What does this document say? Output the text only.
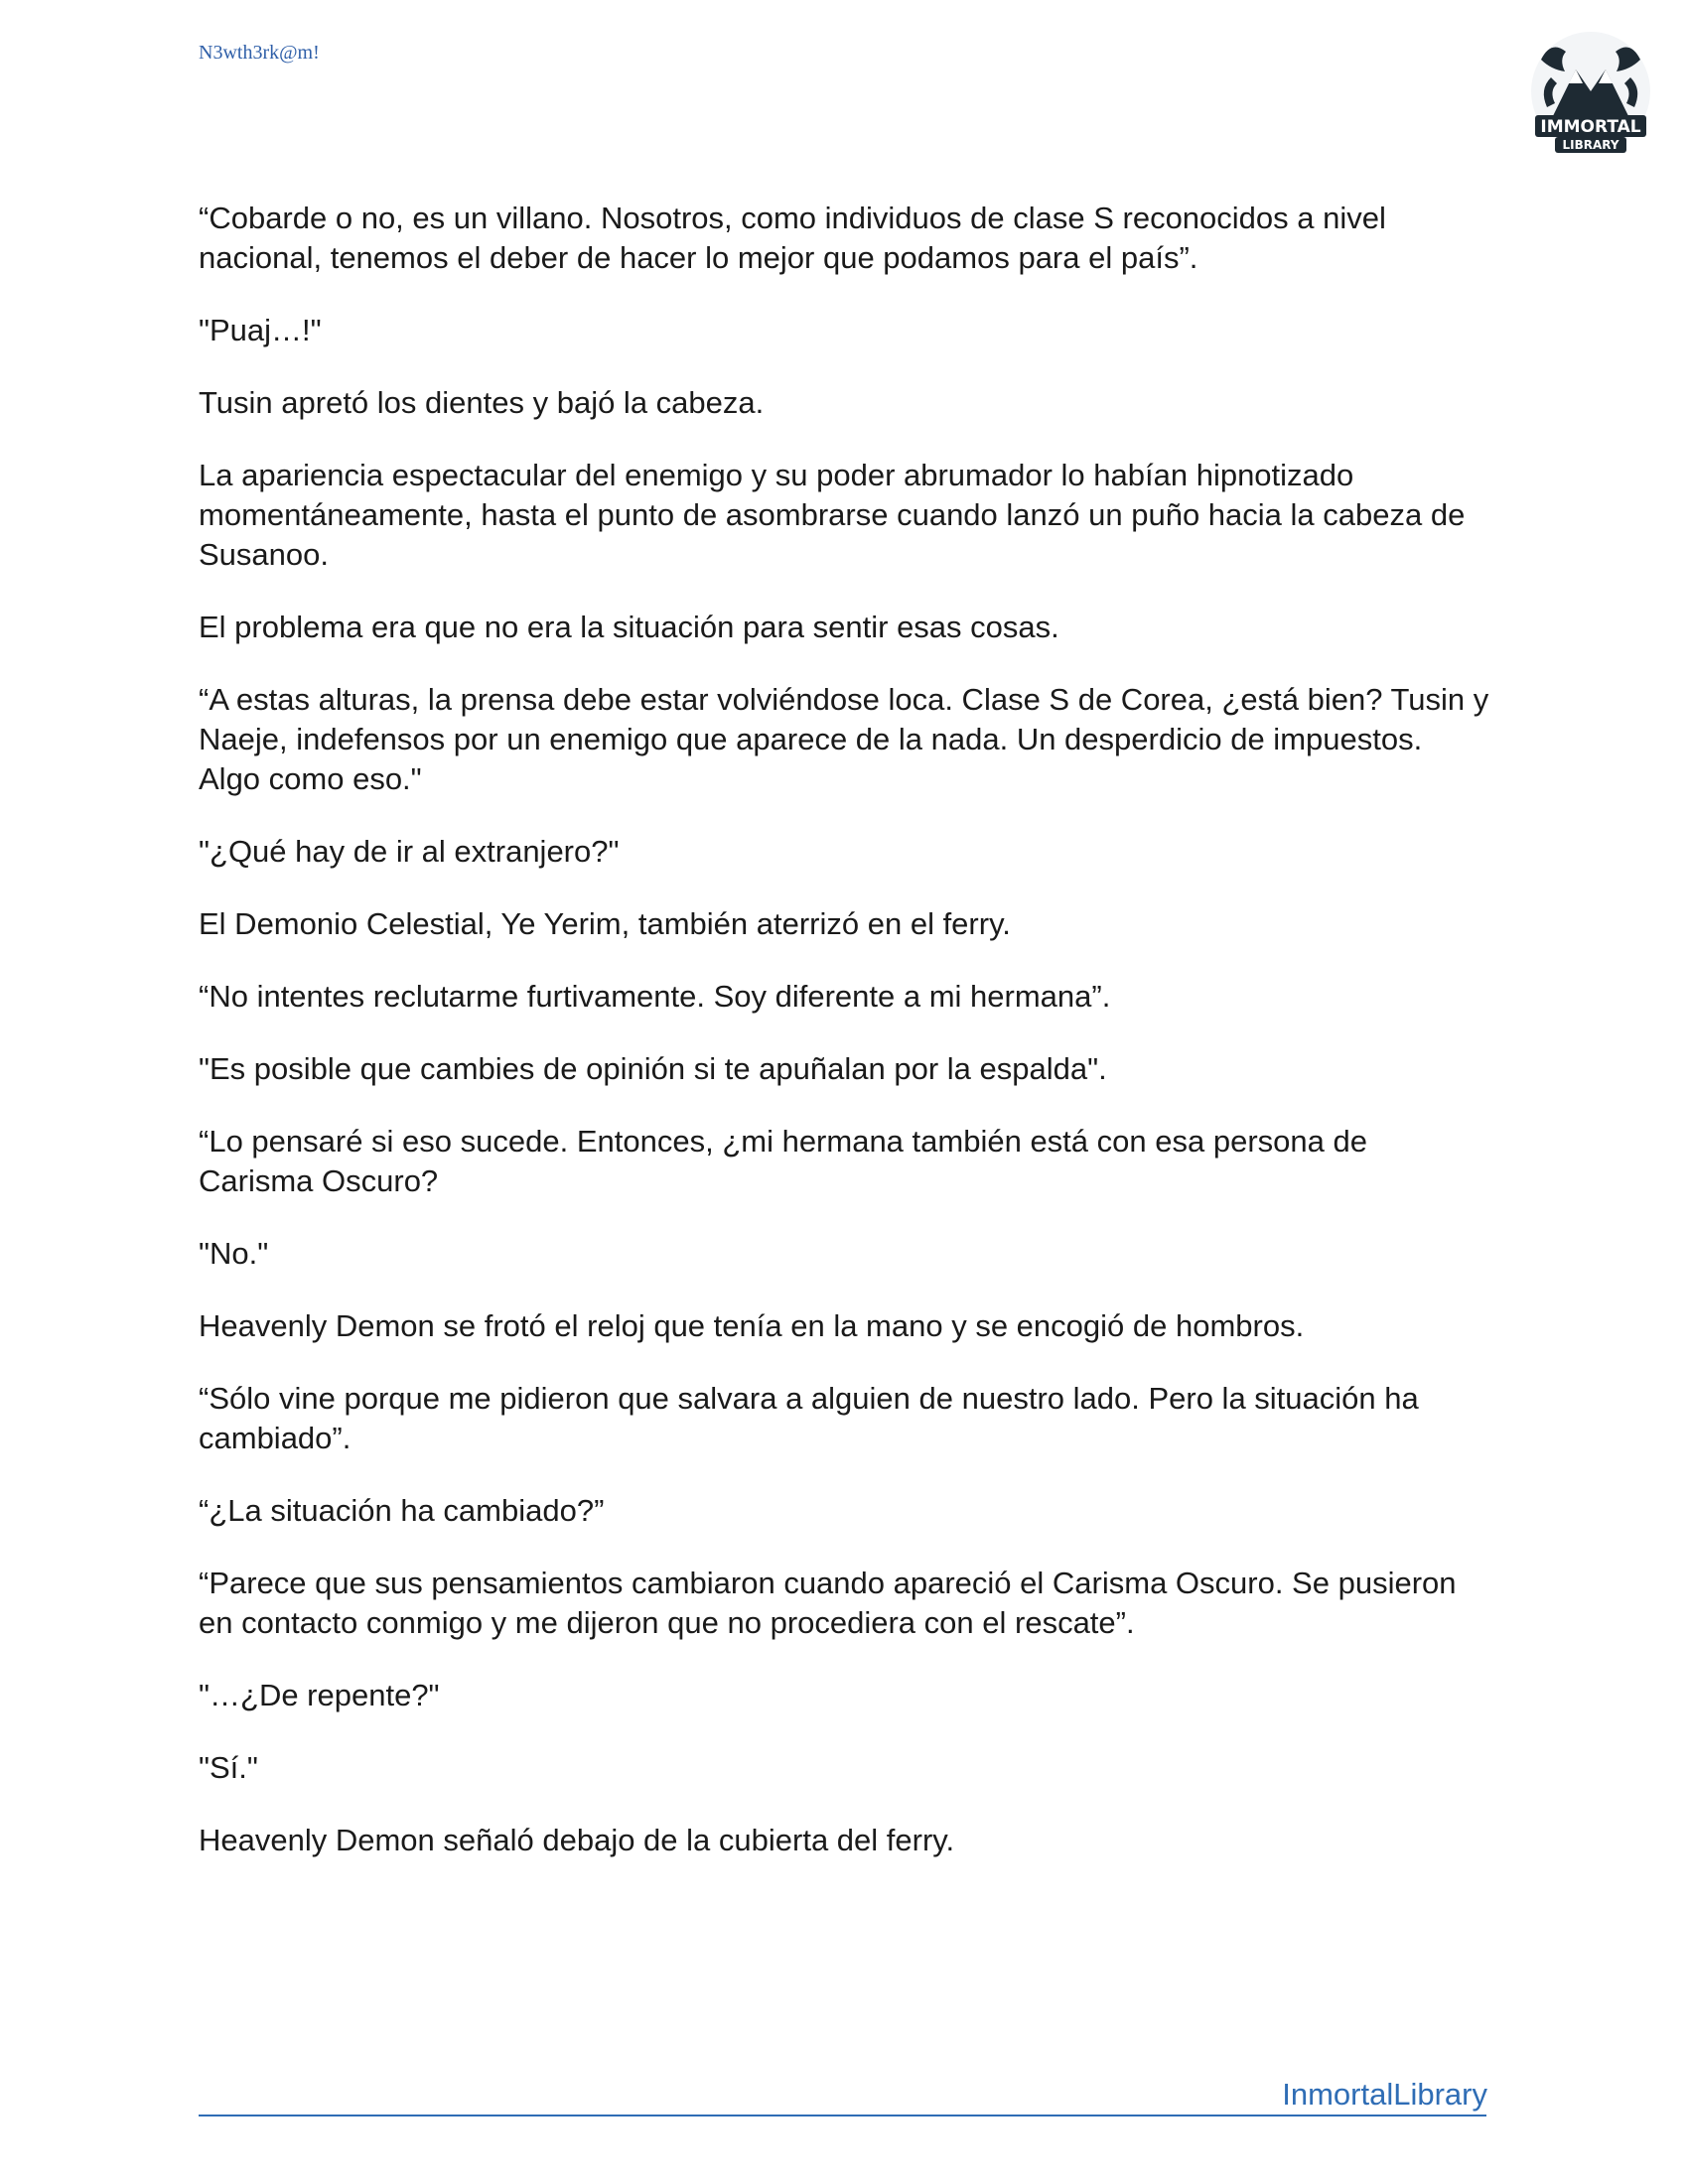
N3wth3rk@m!
IMMORTAL
LIBRARY

“Cobarde o no, es un villano. Nosotros, como individuos de clase S reconocidos a nivel nacional, tenemos el deber de hacer lo mejor que podamos para el país”.

"Puaj…!"

Tusin apretó los dientes y bajó la cabeza.

La apariencia espectacular del enemigo y su poder abrumador lo habían hipnotizado momentáneamente, hasta el punto de asombrarse cuando lanzó un puño hacia la cabeza de Susanoo.

El problema era que no era la situación para sentir esas cosas.

“A estas alturas, la prensa debe estar volviéndose loca. Clase S de Corea, ¿está bien? Tusin y Naeje, indefensos por un enemigo que aparece de la nada. Un desperdicio de impuestos. Algo como eso."

"¿Qué hay de ir al extranjero?"

El Demonio Celestial, Ye Yerim, también aterrizó en el ferry.

“No intentes reclutarme furtivamente. Soy diferente a mi hermana”.

"Es posible que cambies de opinión si te apuñalan por la espalda".

“Lo pensaré si eso sucede. Entonces, ¿mi hermana también está con esa persona de Carisma Oscuro?

"No."

Heavenly Demon se frotó el reloj que tenía en la mano y se encogió de hombros.

“Sólo vine porque me pidieron que salvara a alguien de nuestro lado. Pero la situación ha cambiado”.

“¿La situación ha cambiado?”

“Parece que sus pensamientos cambiaron cuando apareció el Carisma Oscuro. Se pusieron en contacto conmigo y me dijeron que no procediera con el rescate”.

"…¿De repente?"

"Sí."

Heavenly Demon señaló debajo de la cubierta del ferry.

InmortalLibrary
